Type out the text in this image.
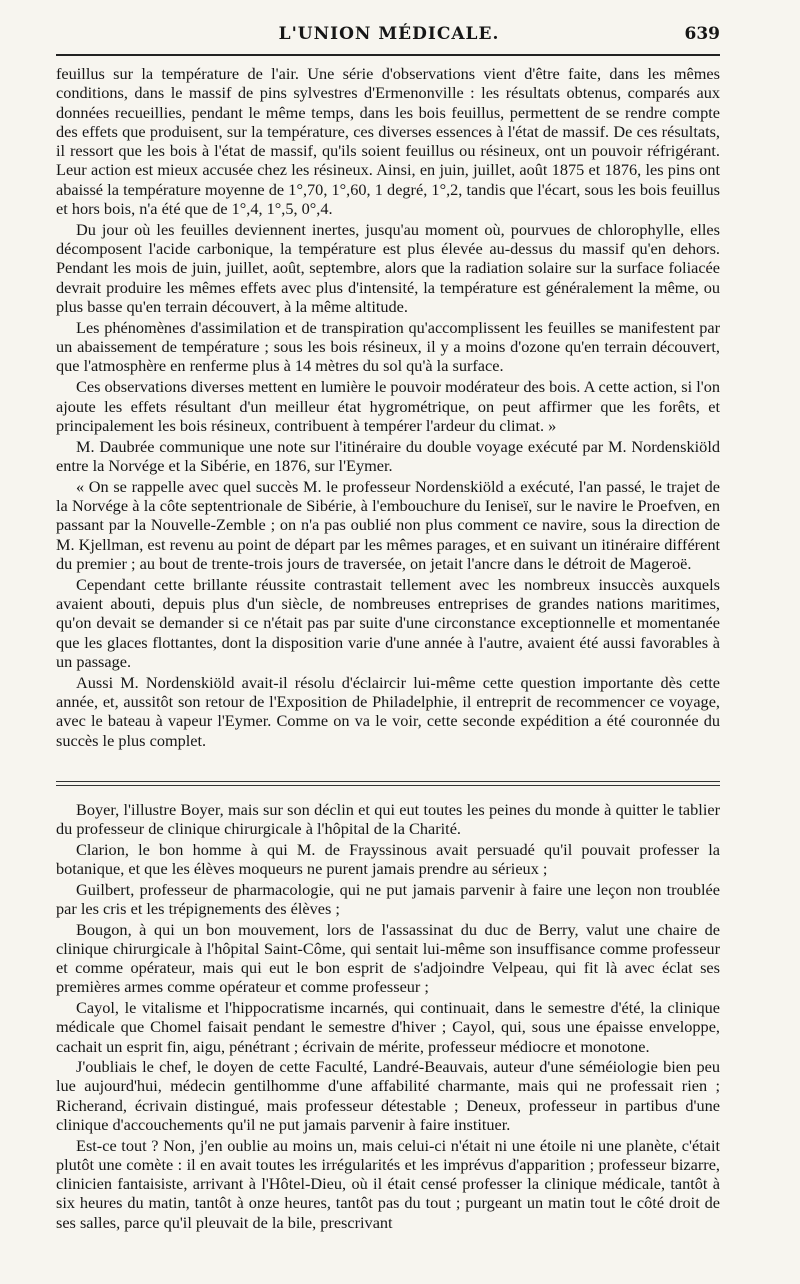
L'UNION MÉDICALE.	639

feuillus sur la température de l'air. Une série d'observations vient d'être faite, dans les mêmes conditions, dans le massif de pins sylvestres d'Ermenonville : les résultats obtenus, comparés aux données recueillies, pendant le même temps, dans les bois feuillus, permettent de se rendre compte des effets que produisent, sur la température, ces diverses essences à l'état de massif. De ces résultats, il ressort que les bois à l'état de massif, qu'ils soient feuillus ou résineux, ont un pouvoir réfrigérant. Leur action est mieux accusée chez les résineux. Ainsi, en juin, juillet, août 1875 et 1876, les pins ont abaissé la température moyenne de 1°,70, 1°,60, 1 degré, 1°,2, tandis que l'écart, sous les bois feuillus et hors bois, n'a été que de 1°,4, 1°,5, 0°,4.

Du jour où les feuilles deviennent inertes, jusqu'au moment où, pourvues de chlorophylle, elles décomposent l'acide carbonique, la température est plus élevée au-dessus du massif qu'en dehors. Pendant les mois de juin, juillet, août, septembre, alors que la radiation solaire sur la surface foliacée devrait produire les mêmes effets avec plus d'intensité, la température est généralement la même, ou plus basse qu'en terrain découvert, à la même altitude.

Les phénomènes d'assimilation et de transpiration qu'accomplissent les feuilles se manifestent par un abaissement de température ; sous les bois résineux, il y a moins d'ozone qu'en terrain découvert, que l'atmosphère en renferme plus à 14 mètres du sol qu'à la surface.

Ces observations diverses mettent en lumière le pouvoir modérateur des bois. A cette action, si l'on ajoute les effets résultant d'un meilleur état hygrométrique, on peut affirmer que les forêts, et principalement les bois résineux, contribuent à tempérer l'ardeur du climat. »

M. Daubrée communique une note sur l'itinéraire du double voyage exécuté par M. Nordenskiöld entre la Norvége et la Sibérie, en 1876, sur l'Eymer.

« On se rappelle avec quel succès M. le professeur Nordenskiöld a exécuté, l'an passé, le trajet de la Norvége à la côte septentrionale de Sibérie, à l'embouchure du Ieniseï, sur le navire le Proefven, en passant par la Nouvelle-Zemble ; on n'a pas oublié non plus comment ce navire, sous la direction de M. Kjellman, est revenu au point de départ par les mêmes parages, et en suivant un itinéraire différent du premier ; au bout de trente-trois jours de traversée, on jetait l'ancre dans le détroit de Mageroë.

Cependant cette brillante réussite contrastait tellement avec les nombreux insuccès auxquels avaient abouti, depuis plus d'un siècle, de nombreuses entreprises de grandes nations maritimes, qu'on devait se demander si ce n'était pas par suite d'une circonstance exceptionnelle et momentanée que les glaces flottantes, dont la disposition varie d'une année à l'autre, avaient été aussi favorables à un passage.

Aussi M. Nordenskiöld avait-il résolu d'éclaircir lui-même cette question importante dès cette année, et, aussitôt son retour de l'Exposition de Philadelphie, il entreprit de recommencer ce voyage, avec le bateau à vapeur l'Eymer. Comme on va le voir, cette seconde expédition a été couronnée du succès le plus complet.

Boyer, l'illustre Boyer, mais sur son déclin et qui eut toutes les peines du monde à quitter le tablier du professeur de clinique chirurgicale à l'hôpital de la Charité.

Clarion, le bon homme à qui M. de Frayssinous avait persuadé qu'il pouvait professer la botanique, et que les élèves moqueurs ne purent jamais prendre au sérieux ;

Guilbert, professeur de pharmacologie, qui ne put jamais parvenir à faire une leçon non troublée par les cris et les trépignements des élèves ;

Bougon, à qui un bon mouvement, lors de l'assassinat du duc de Berry, valut une chaire de clinique chirurgicale à l'hôpital Saint-Côme, qui sentait lui-même son insuffisance comme professeur et comme opérateur, mais qui eut le bon esprit de s'adjoindre Velpeau, qui fit là avec éclat ses premières armes comme opérateur et comme professeur ;

Cayol, le vitalisme et l'hippocratisme incarnés, qui continuait, dans le semestre d'été, la clinique médicale que Chomel faisait pendant le semestre d'hiver ; Cayol, qui, sous une épaisse enveloppe, cachait un esprit fin, aigu, pénétrant ; écrivain de mérite, professeur médiocre et monotone.

J'oubliais le chef, le doyen de cette Faculté, Landré-Beauvais, auteur d'une séméiologie bien peu lue aujourd'hui, médecin gentilhomme d'une affabilité charmante, mais qui ne professait rien ; Richerand, écrivain distingué, mais professeur détestable ; Deneux, professeur in partibus d'une clinique d'accouchements qu'il ne put jamais parvenir à faire instituer.

Est-ce tout ? Non, j'en oublie au moins un, mais celui-ci n'était ni une étoile ni une planète, c'était plutôt une comète : il en avait toutes les irrégularités et les imprévus d'apparition ; professeur bizarre, clinicien fantaisiste, arrivant à l'Hôtel-Dieu, où il était censé professer la clinique médicale, tantôt à six heures du matin, tantôt à onze heures, tantôt pas du tout ; purgeant un matin tout le côté droit de ses salles, parce qu'il pleuvait de la bile, prescrivant
